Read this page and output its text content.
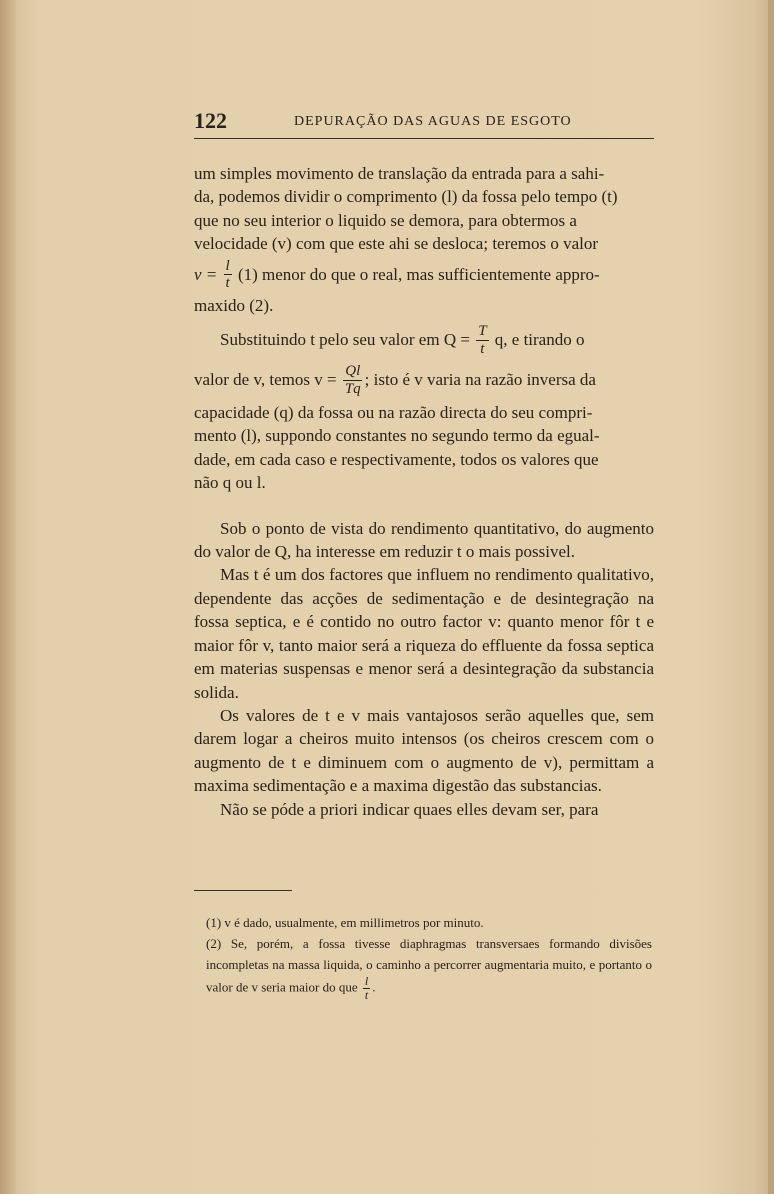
122	DEPURAÇÃO DAS AGUAS DE ESGOTO

um simples movimento de translação da entrada para a sahi-

da, podemos dividir o comprimento (l) da fossa pelo tempo (t)

que no seu interior o liquido se demora, para obtermos a

velocidade (v) com que este ahi se desloca; teremos o valor

$v = \frac{l}{t} (1)$ menor do que o real, mas sufficientemente appro-

maxido (2).

Substituindo t pelo seu valor em $Q = \frac{T}{t} q$, e tirando o

valor de v, temos $v = \frac{Ql}{Tq}$ ; isto é v varia na razão inversa da

capacidade (q) da fossa ou na razão directa do seu compri-

mento (l), suppondo constantes no segundo termo da egual-

dade, em cada caso e respectivamente, todos os valores que

não q ou l.

Sob o ponto de vista do rendimento quantitativo, do augmento do valor de Q, ha interesse em reduzir t o mais possivel.

Mas t é um dos factores que influem no rendimento qualitativo, dependente das acções de sedimentação e de desintegração na fossa septica, e é contido no outro factor v: quanto menor fôr t e maior fôr v, tanto maior será a riqueza do effluente da fossa septica em materias suspensas e menor será a desintegração da substancia solida.

Os valores de t e v mais vantajosos serão aquelles que, sem darem logar a cheiros muito intensos (os cheiros crescem com o augmento de t e diminuem com o augmento de v), permittam a maxima sedimentação e a maxima digestão das substancias.

Não se póde a priori indicar quaes elles devam ser, para

(1) v é dado, usualmente, em millimetros por minuto.

(2) Se, porém, a fossa tivesse diaphragmas transversaes formando divisões incompletas na massa liquida, o caminho a percorrer augmentaria muito, e portanto o valor de v seria maior do que $\frac{l}{t}$ .
